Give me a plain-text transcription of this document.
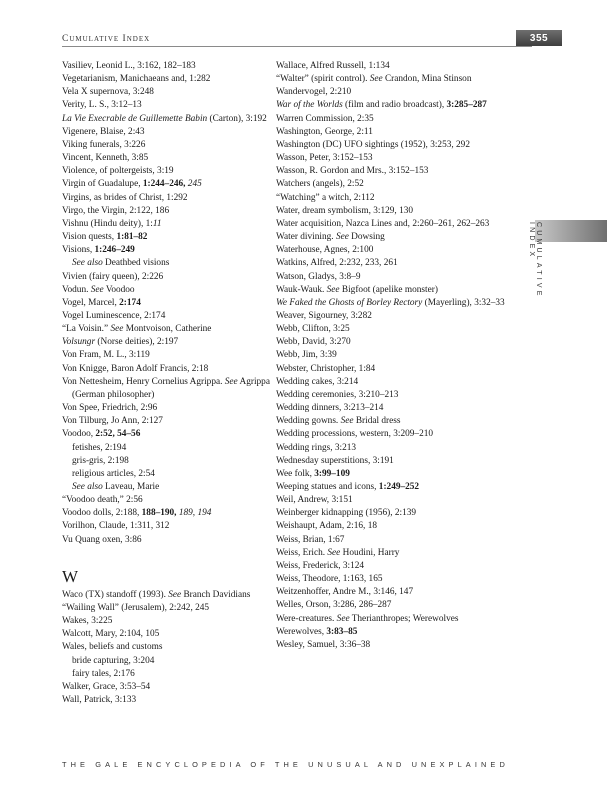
Cumulative Index	355
CUMULATIVE INDEX
Vasiliev, Leonid L., 3:162, 182–183
Vegetarianism, Manichaeans and, 1:282
Vela X supernova, 3:248
Verity, L. S., 3:12–13
La Vie Execrable de Guillemette Babin (Carton), 3:192
Vigenere, Blaise, 2:43
Viking funerals, 3:226
Vincent, Kenneth, 3:85
Violence, of poltergeists, 3:19
Virgin of Guadalupe, 1:244–246, 245
Virgins, as brides of Christ, 1:292
Virgo, the Virgin, 2:122, 186
Vishnu (Hindu deity), 1:11
Vision quests, 1:81–82
Visions, 1:246–249
See also Deathbed visions
Vivien (fairy queen), 2:226
Vodun. See Voodoo
Vogel, Marcel, 2:174
Vogel Luminescence, 2:174
“La Voisin.” See Montvoison, Catherine
Volsungr (Norse deities), 2:197
Von Fram, M. L., 3:119
Von Knigge, Baron Adolf Francis, 2:18
Von Nettesheim, Henry Cornelius Agrippa. See Agrippa (German philosopher)
Von Spee, Friedrich, 2:96
Von Tilburg, Jo Ann, 2:127
Voodoo, 2:52, 54–56
fetishes, 2:194
gris-gris, 2:198
religious articles, 2:54
See also Laveau, Marie
“Voodoo death,” 2:56
Voodoo dolls, 2:188, 188–190, 189, 194
Vorilhon, Claude, 1:311, 312
Vu Quang oxen, 3:86
W
Waco (TX) standoff (1993). See Branch Davidians
“Wailing Wall” (Jerusalem), 2:242, 245
Wakes, 3:225
Walcott, Mary, 2:104, 105
Wales, beliefs and customs
bride capturing, 3:204
fairy tales, 2:176
Walker, Grace, 3:53–54
Wall, Patrick, 3:133
Wallace, Alfred Russell, 1:134
“Walter” (spirit control). See Crandon, Mina Stinson
Wandervogel, 2:210
War of the Worlds (film and radio broadcast), 3:285–287
Warren Commission, 2:35
Washington, George, 2:11
Washington (DC) UFO sightings (1952), 3:253, 292
Wasson, Peter, 3:152–153
Wasson, R. Gordon and Mrs., 3:152–153
Watchers (angels), 2:52
“Watching” a witch, 2:112
Water, dream symbolism, 3:129, 130
Water acquisition, Nazca Lines and, 2:260–261, 262–263
Water divining. See Dowsing
Waterhouse, Agnes, 2:100
Watkins, Alfred, 2:232, 233, 261
Watson, Gladys, 3:8–9
Wauk-Wauk. See Bigfoot (apelike monster)
We Faked the Ghosts of Borley Rectory (Mayerling), 3:32–33
Weaver, Sigourney, 3:282
Webb, Clifton, 3:25
Webb, David, 3:270
Webb, Jim, 3:39
Webster, Christopher, 1:84
Wedding cakes, 3:214
Wedding ceremonies, 3:210–213
Wedding dinners, 3:213–214
Wedding gowns. See Bridal dress
Wedding processions, western, 3:209–210
Wedding rings, 3:213
Wednesday superstitions, 3:191
Wee folk, 3:99–109
Weeping statues and icons, 1:249–252
Weil, Andrew, 3:151
Weinberger kidnapping (1956), 2:139
Weishaupt, Adam, 2:16, 18
Weiss, Brian, 1:67
Weiss, Erich. See Houdini, Harry
Weiss, Frederick, 3:124
Weiss, Theodore, 1:163, 165
Weitzenhoffer, Andre M., 3:146, 147
Welles, Orson, 3:286, 286–287
Were-creatures. See Therianthropes; Werewolves
Werewolves, 3:83–85
Wesley, Samuel, 3:36–38
THE GALE ENCYCLOPEDIA OF THE UNUSUAL AND UNEXPLAINED
